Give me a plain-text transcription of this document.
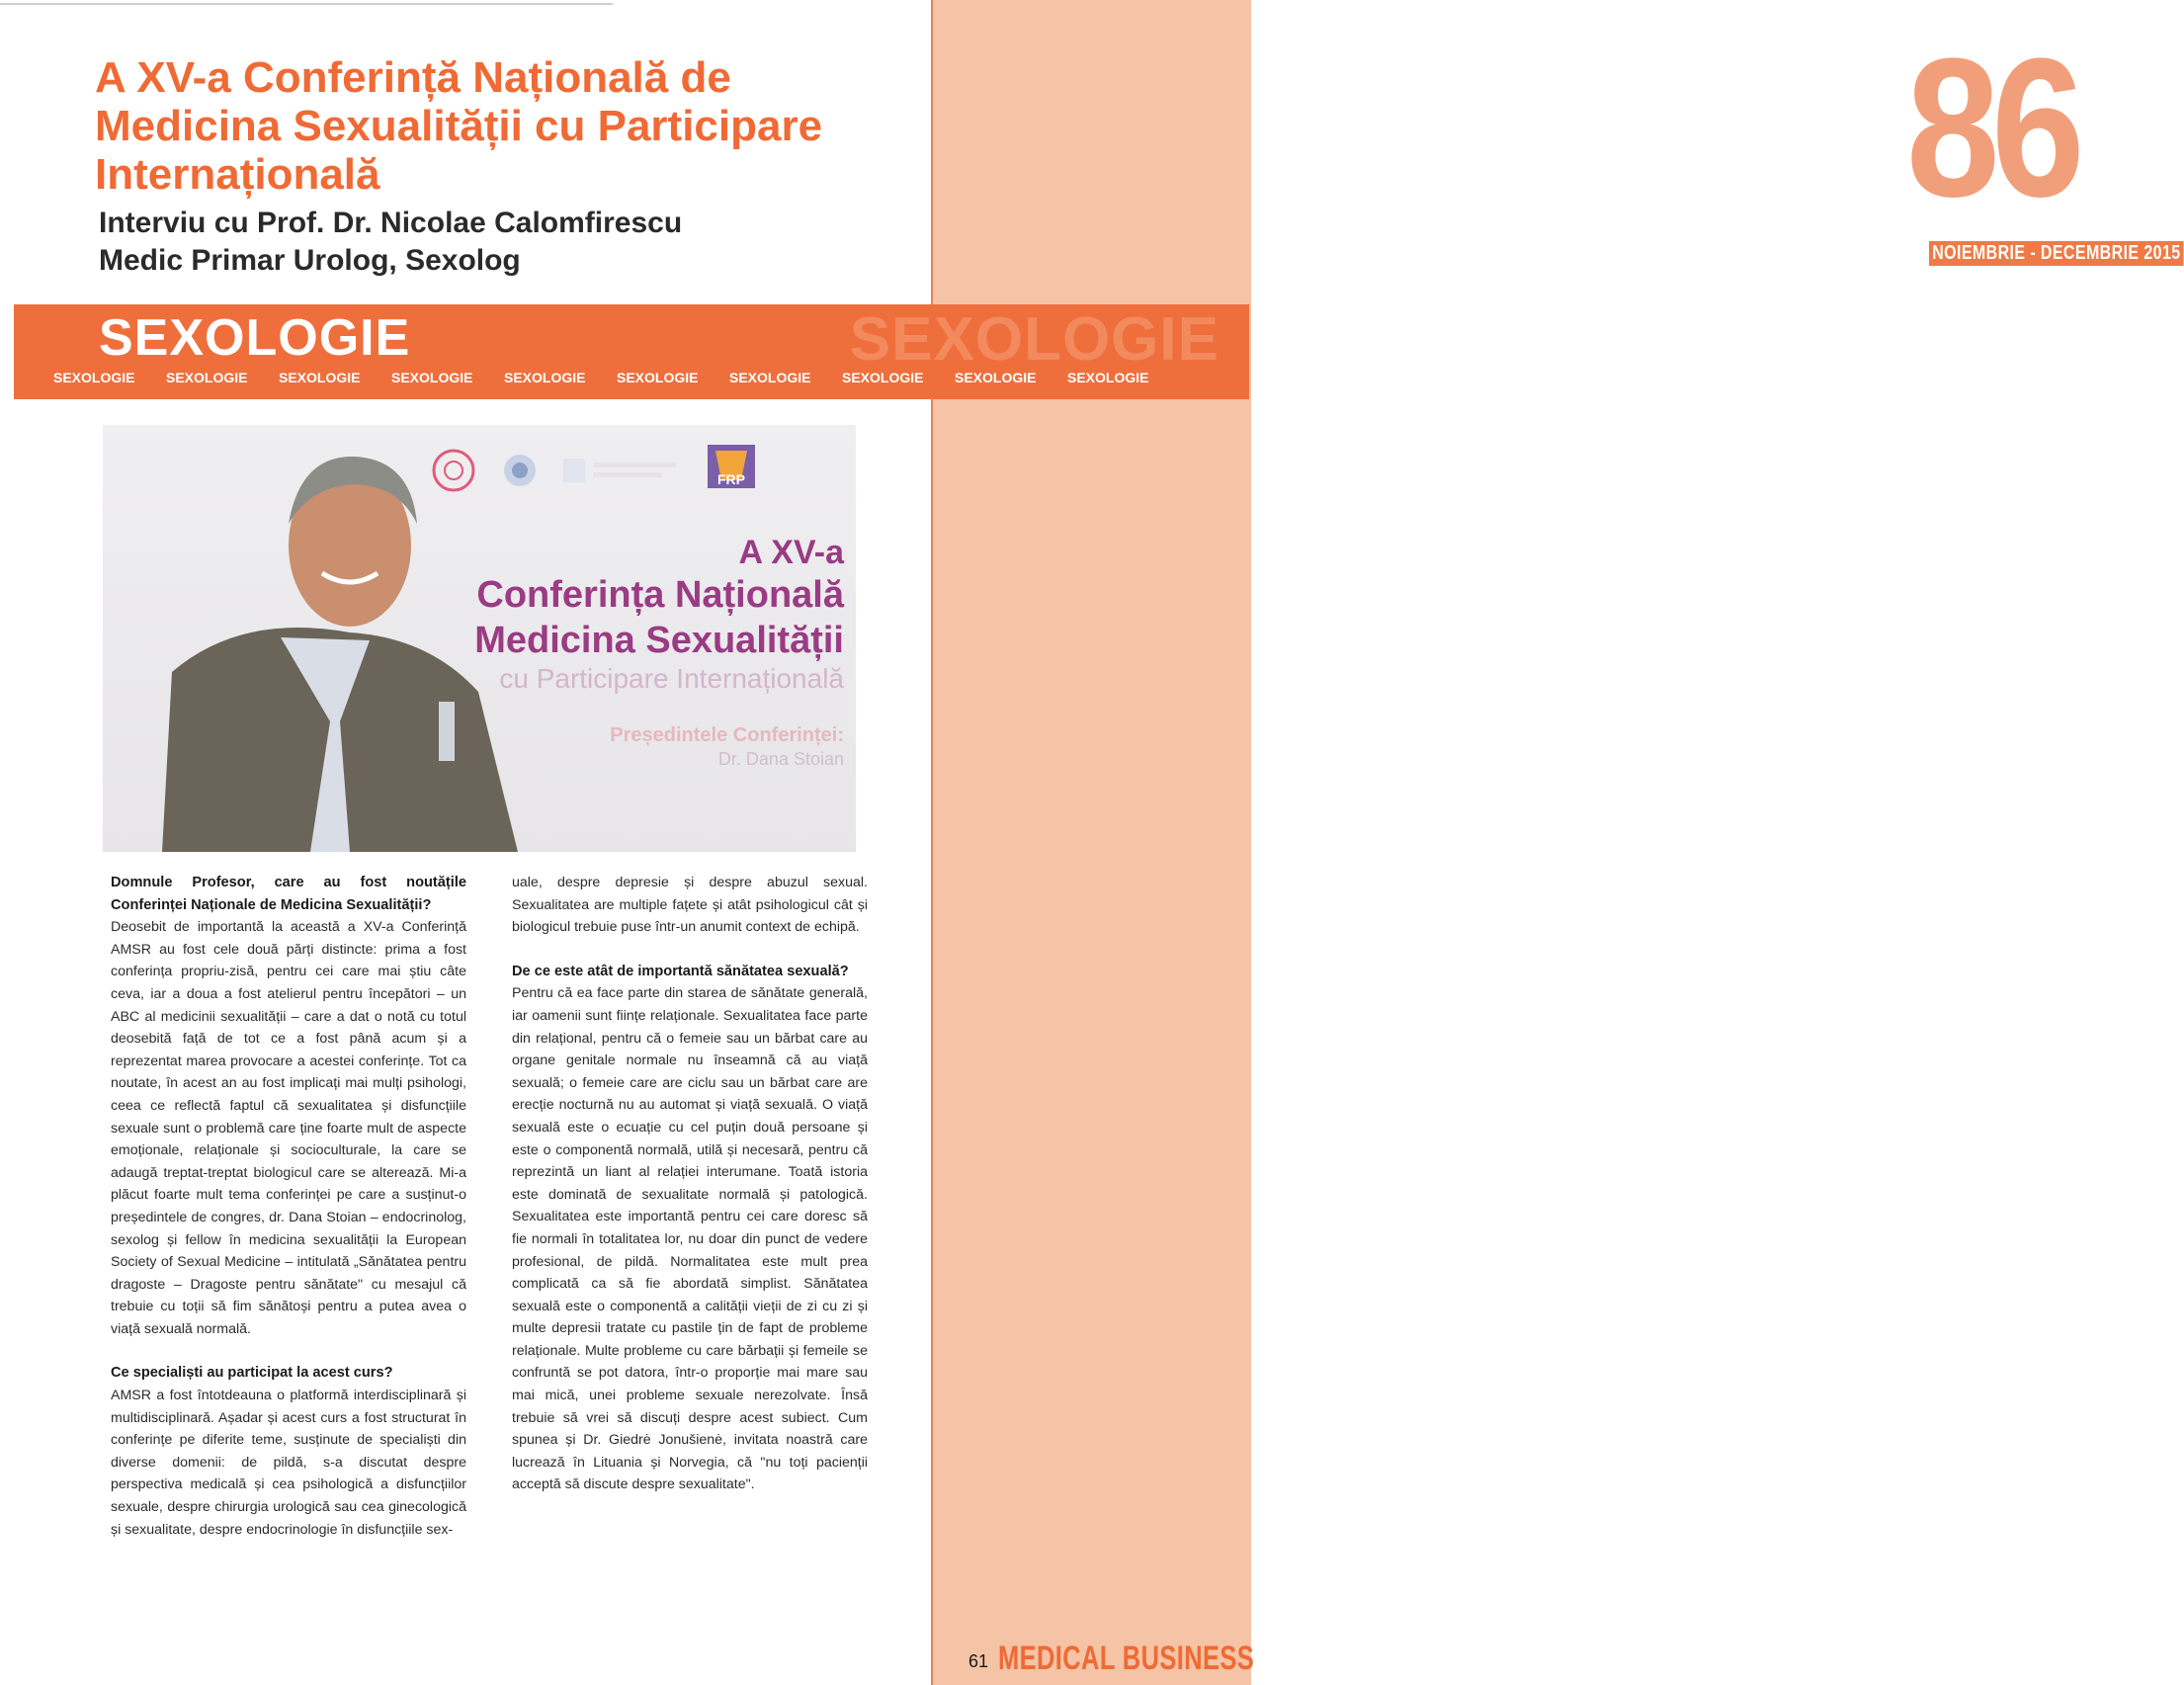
86
NOIEMBRIE - DECEMBRIE 2015
A XV-a Conferință Națională de Medicina Sexualității cu Participare Internațională
Interviu cu Prof. Dr. Nicolae Calomfirescu
Medic Primar Urolog, Sexolog
SEXOLOGIE
SEXOLOGIE
SEXOLOGIE	SEXOLOGIE	SEXOLOGIE	SEXOLOGIE	SEXOLOGIE	SEXOLOGIE	SEXOLOGIE	SEXOLOGIE	SEXOLOGIE	SEXOLOGIE
FRP

A XV-a

Conferința Națională

Medicina Sexualității

cu Participare Internațională

Președintele Conferinței:

Dr. Dana Stoian

Domnule Profesor, care au fost noutățile Conferinței Naționale de Medicina Sexualității?

Deosebit de importantă la această a XV-a Conferință AMSR au fost cele două părți distincte: prima a fost conferința propriu-zisă, pentru cei care mai știu câte ceva, iar a doua a fost atelierul pentru începători – un ABC al medicinii sexualității – care a dat o notă cu totul deosebită față de tot ce a fost până acum și a reprezentat marea provocare a acestei conferințe. Tot ca noutate, în acest an au fost implicați mai mulți psihologi, ceea ce reflectă faptul că sexualitatea și disfuncțiile sexuale sunt o problemă care ține foarte mult de aspecte emoționale, relaționale și socioculturale, la care se adaugă treptat-treptat biologicul care se alterează. Mi-a plăcut foarte mult tema conferinței pe care a susținut-o președintele de congres, dr. Dana Stoian – endocrinolog, sexolog și fellow în medicina sexualității la European Society of Sexual Medicine – intitulată „Sănătatea pentru dragoste – Dragoste pentru sănătate" cu mesajul că trebuie cu toții să fim sănătoși pentru a putea avea o viață sexuală normală.

Ce specialiști au participat la acest curs?

AMSR a fost întotdeauna o platformă interdisciplinară și multidisciplinară. Așadar și acest curs a fost structurat în conferințe pe diferite teme, susținute de specialiști din diverse domenii: de pildă, s-a discutat despre perspectiva medicală și cea psihologică a disfuncțiilor sexuale, despre chirurgia urologică sau cea ginecologică și sexualitate, despre endocrinologie în disfuncțiile sex-

uale, despre depresie și despre abuzul sexual. Sexualitatea are multiple fațete și atât psihologicul cât și biologicul trebuie puse într-un anumit context de echipă.

De ce este atât de importantă sănătatea sexuală?

Pentru că ea face parte din starea de sănătate generală, iar oamenii sunt ființe relaționale. Sexualitatea face parte din relațional, pentru că o femeie sau un bărbat care au organe genitale normale nu înseamnă că au viață sexuală; o femeie care are ciclu sau un bărbat care are erecție nocturnă nu au automat și viață sexuală. O viață sexuală este o ecuație cu cel puțin două persoane și este o componentă normală, utilă și necesară, pentru că reprezintă un liant al relației interumane. Toată istoria este dominată de sexualitate normală și patologică. Sexualitatea este importantă pentru cei care doresc să fie normali în totalitatea lor, nu doar din punct de vedere profesional, de pildă. Normalitatea este mult prea complicată ca să fie abordată simplist. Sănătatea sexuală este o componentă a calității vieții de zi cu zi și multe depresii tratate cu pastile țin de fapt de probleme relaționale. Multe probleme cu care bărbații și femeile se confruntă se pot datora, într-o proporție mai mare sau mai mică, unei probleme sexuale nerezolvate. Însă trebuie să vrei să discuți despre acest subiect. Cum spunea și Dr. Giedrė Jonušienė, invitata noastră care lucrează în Lituania și Norvegia, că "nu toți pacienții acceptă să discute despre sexualitate".

61 MEDICAL BUSINESS
